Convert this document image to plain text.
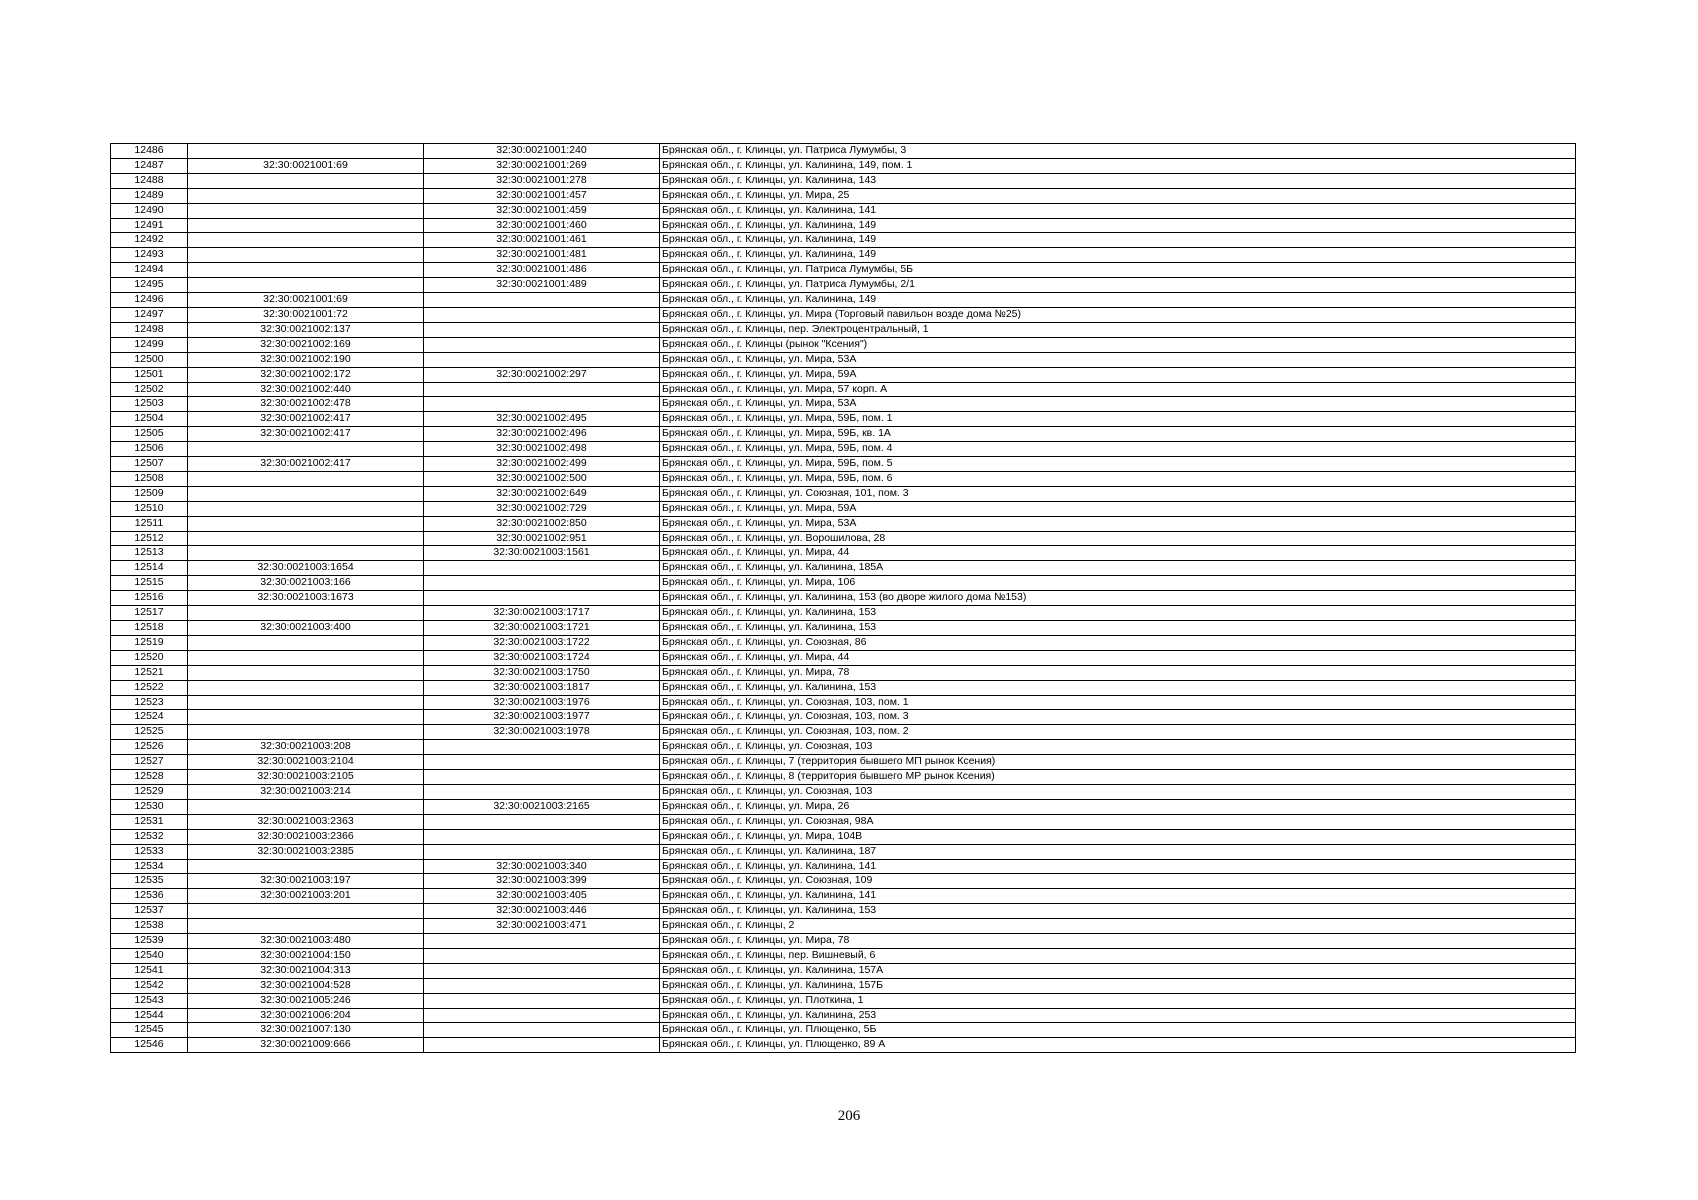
12486		32:30:0021001:240	Брянская обл., г. Клинцы, ул. Патриса Лумумбы, 3
12487	32:30:0021001:69	32:30:0021001:269	Брянская обл., г. Клинцы, ул. Калинина, 149, пом. 1
12488		32:30:0021001:278	Брянская обл., г. Клинцы, ул. Калинина, 143
12489		32:30:0021001:457	Брянская обл., г. Клинцы, ул. Мира, 25
12490		32:30:0021001:459	Брянская обл., г. Клинцы, ул. Калинина, 141
12491		32:30:0021001:460	Брянская обл., г. Клинцы, ул. Калинина, 149
12492		32:30:0021001:461	Брянская обл., г. Клинцы, ул. Калинина, 149
12493		32:30:0021001:481	Брянская обл., г. Клинцы, ул. Калинина, 149
12494		32:30:0021001:486	Брянская обл., г. Клинцы, ул. Патриса Лумумбы, 5Б
12495		32:30:0021001:489	Брянская обл., г. Клинцы, ул. Патриса Лумумбы, 2/1
12496	32:30:0021001:69		Брянская обл., г. Клинцы, ул. Калинина, 149
12497	32:30:0021001:72		Брянская обл., г. Клинцы, ул. Мира (Торговый павильон возде дома №25)
12498	32:30:0021002:137		Брянская обл., г. Клинцы, пер. Электроцентральный, 1
12499	32:30:0021002:169		Брянская обл., г. Клинцы (рынок "Ксения")
12500	32:30:0021002:190		Брянская обл., г. Клинцы, ул. Мира, 53А
12501	32:30:0021002:172	32:30:0021002:297	Брянская обл., г. Клинцы, ул. Мира, 59А
12502	32:30:0021002:440		Брянская обл., г. Клинцы, ул. Мира, 57 корп. А
12503	32:30:0021002:478		Брянская обл., г. Клинцы, ул. Мира, 53А
12504	32:30:0021002:417	32:30:0021002:495	Брянская обл., г. Клинцы, ул. Мира, 59Б, пом. 1
12505	32:30:0021002:417	32:30:0021002:496	Брянская обл., г. Клинцы, ул. Мира, 59Б, кв. 1А
12506		32:30:0021002:498	Брянская обл., г. Клинцы, ул. Мира, 59Б, пом. 4
12507	32:30:0021002:417	32:30:0021002:499	Брянская обл., г. Клинцы, ул. Мира, 59Б, пом. 5
12508		32:30:0021002:500	Брянская обл., г. Клинцы, ул. Мира, 59Б, пом. 6
12509		32:30:0021002:649	Брянская обл., г. Клинцы, ул. Союзная, 101, пом. 3
12510		32:30:0021002:729	Брянская обл., г. Клинцы, ул. Мира, 59А
12511		32:30:0021002:850	Брянская обл., г. Клинцы, ул. Мира, 53А
12512		32:30:0021002:951	Брянская обл., г. Клинцы, ул. Ворошилова, 28
12513		32:30:0021003:1561	Брянская обл., г. Клинцы, ул. Мира, 44
12514	32:30:0021003:1654		Брянская обл., г. Клинцы, ул. Калинина, 185А
12515	32:30:0021003:166		Брянская обл., г. Клинцы, ул. Мира, 106
12516	32:30:0021003:1673		Брянская обл., г. Клинцы, ул. Калинина, 153 (во дворе жилого дома №153)
12517		32:30:0021003:1717	Брянская обл., г. Клинцы, ул. Калинина, 153
12518	32:30:0021003:400	32:30:0021003:1721	Брянская обл., г. Клинцы, ул. Калинина, 153
12519		32:30:0021003:1722	Брянская обл., г. Клинцы, ул. Союзная, 86
12520		32:30:0021003:1724	Брянская обл., г. Клинцы, ул. Мира, 44
12521		32:30:0021003:1750	Брянская обл., г. Клинцы, ул. Мира, 78
12522		32:30:0021003:1817	Брянская обл., г. Клинцы, ул. Калинина, 153
12523		32:30:0021003:1976	Брянская обл., г. Клинцы, ул. Союзная, 103, пом. 1
12524		32:30:0021003:1977	Брянская обл., г. Клинцы, ул. Союзная, 103, пом. 3
12525		32:30:0021003:1978	Брянская обл., г. Клинцы, ул. Союзная, 103, пом. 2
12526	32:30:0021003:208		Брянская обл., г. Клинцы, ул. Союзная, 103
12527	32:30:0021003:2104		Брянская обл., г. Клинцы, 7 (территория бывшего МП рынок Ксения)
12528	32:30:0021003:2105		Брянская обл., г. Клинцы, 8 (территория бывшего МР рынок Ксения)
12529	32:30:0021003:214		Брянская обл., г. Клинцы, ул. Союзная, 103
12530		32:30:0021003:2165	Брянская обл., г. Клинцы, ул. Мира, 26
12531	32:30:0021003:2363		Брянская обл., г. Клинцы, ул. Союзная, 98А
12532	32:30:0021003:2366		Брянская обл., г. Клинцы, ул. Мира, 104В
12533	32:30:0021003:2385		Брянская обл., г. Клинцы, ул. Калинина, 187
12534		32:30:0021003:340	Брянская обл., г. Клинцы, ул. Калинина, 141
12535	32:30:0021003:197	32:30:0021003:399	Брянская обл., г. Клинцы, ул. Союзная, 109
12536	32:30:0021003:201	32:30:0021003:405	Брянская обл., г. Клинцы, ул. Калинина, 141
12537		32:30:0021003:446	Брянская обл., г. Клинцы, ул. Калинина, 153
12538		32:30:0021003:471	Брянская обл., г. Клинцы, 2
12539	32:30:0021003:480		Брянская обл., г. Клинцы, ул. Мира, 78
12540	32:30:0021004:150		Брянская обл., г. Клинцы, пер. Вишневый, 6
12541	32:30:0021004:313		Брянская обл., г. Клинцы, ул. Калинина, 157А
12542	32:30:0021004:528		Брянская обл., г. Клинцы, ул. Калинина, 157Б
12543	32:30:0021005:246		Брянская обл., г. Клинцы, ул. Плоткина, 1
12544	32:30:0021006:204		Брянская обл., г. Клинцы, ул. Калинина, 253
12545	32:30:0021007:130		Брянская обл., г. Клинцы, ул. Плющенко, 5Б
12546	32:30:0021009:666		Брянская обл., г. Клинцы, ул. Плющенко, 89 А
206
